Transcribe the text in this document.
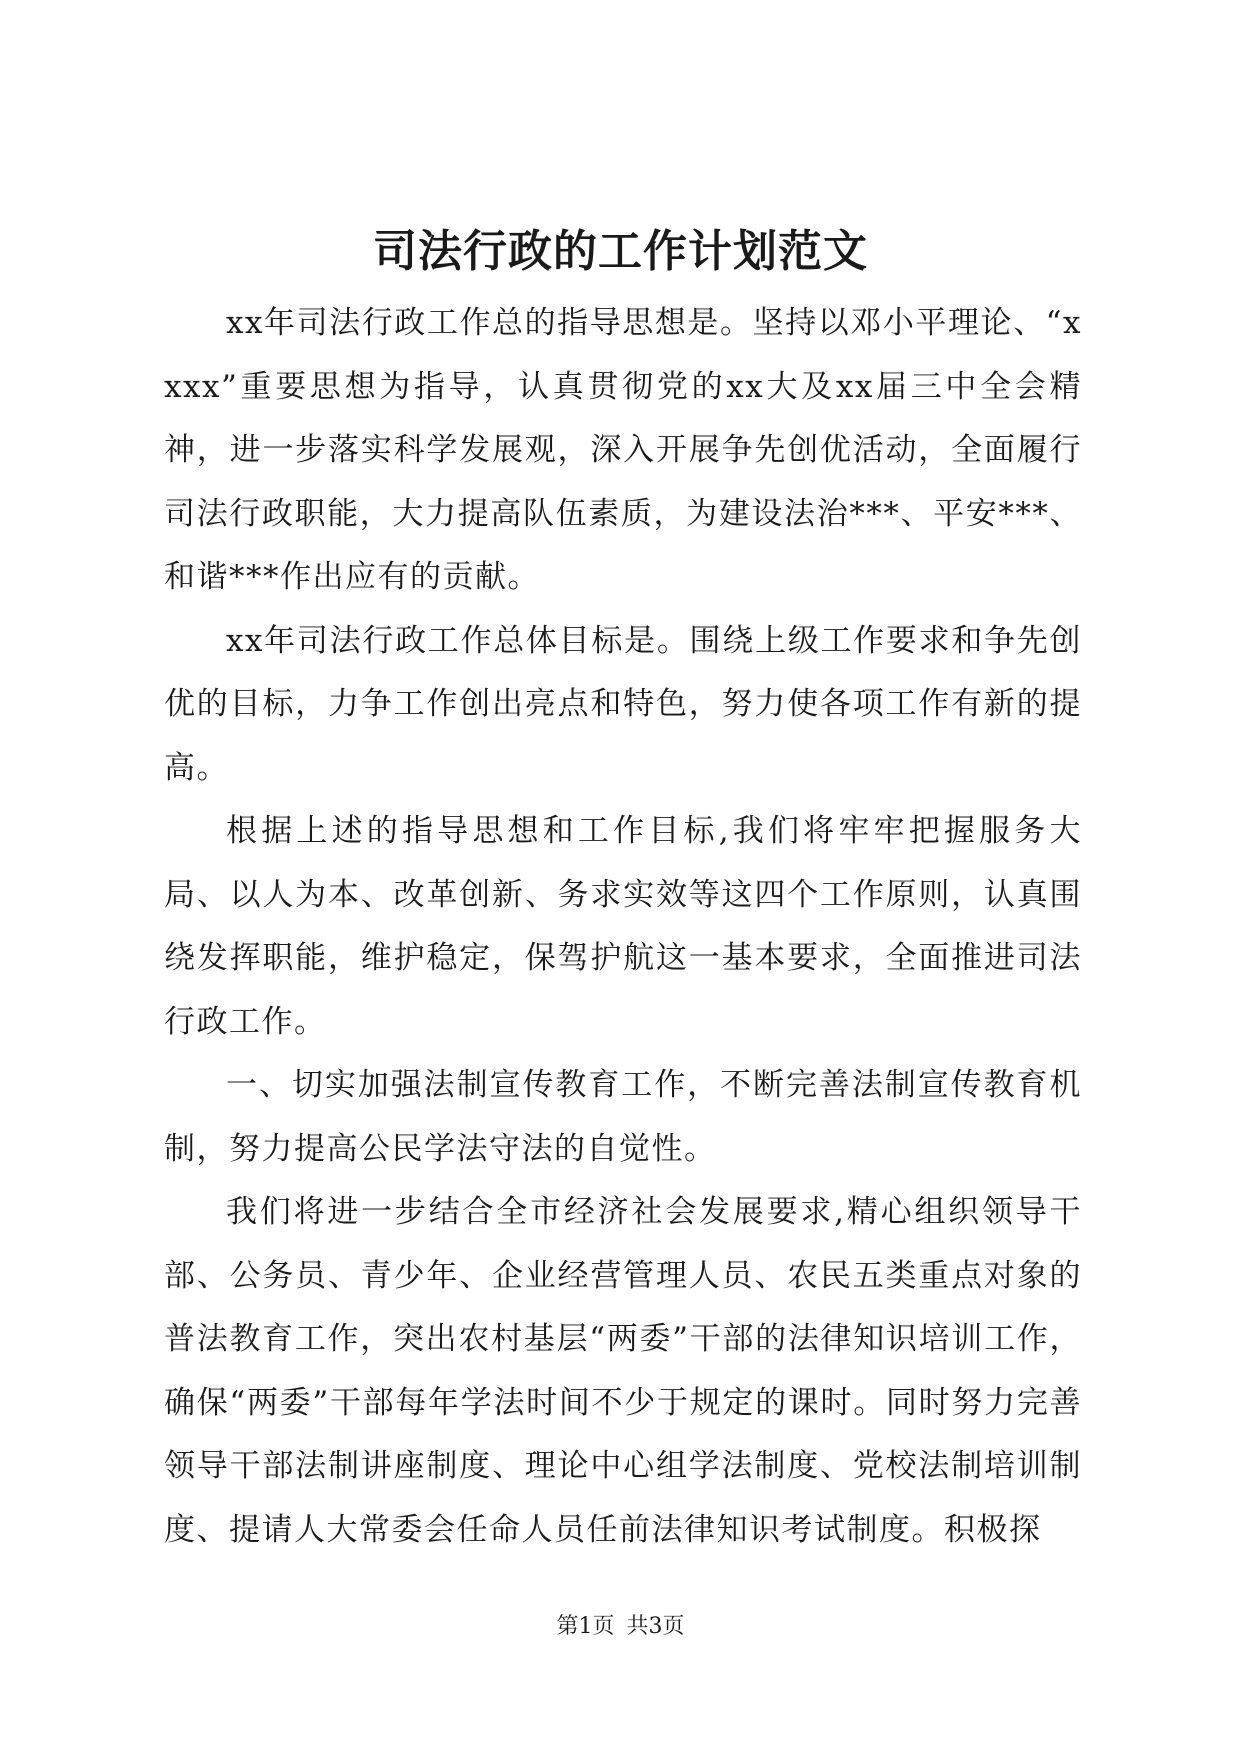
司法行政的工作计划范文

xx年司法行政工作总的指导思想是。坚持以邓小平理论、“xxxx”重要思想为指导，认真贯彻党的xx大及xx届三中全会精神，进一步落实科学发展观，深入开展争先创优活动，全面履行司法行政职能，大力提高队伍素质，为建设法治***、平安***、和谐***作出应有的贡献。

xx年司法行政工作总体目标是。围绕上级工作要求和争先创优的目标，力争工作创出亮点和特色，努力使各项工作有新的提高。

根据上述的指导思想和工作目标,我们将牢牢把握服务大局、以人为本、改革创新、务求实效等这四个工作原则，认真围绕发挥职能，维护稳定，保驾护航这一基本要求，全面推进司法行政工作。

一、切实加强法制宣传教育工作，不断完善法制宣传教育机制，努力提高公民学法守法的自觉性。

我们将进一步结合全市经济社会发展要求,精心组织领导干部、公务员、青少年、企业经营管理人员、农民五类重点对象的普法教育工作，突出农村基层“两委”干部的法律知识培训工作，确保“两委”干部每年学法时间不少于规定的课时。同时努力完善领导干部法制讲座制度、理论中心组学法制度、党校法制培训制度、提请人大常委会任命人员任前法律知识考试制度。积极探

第1页 共3页
